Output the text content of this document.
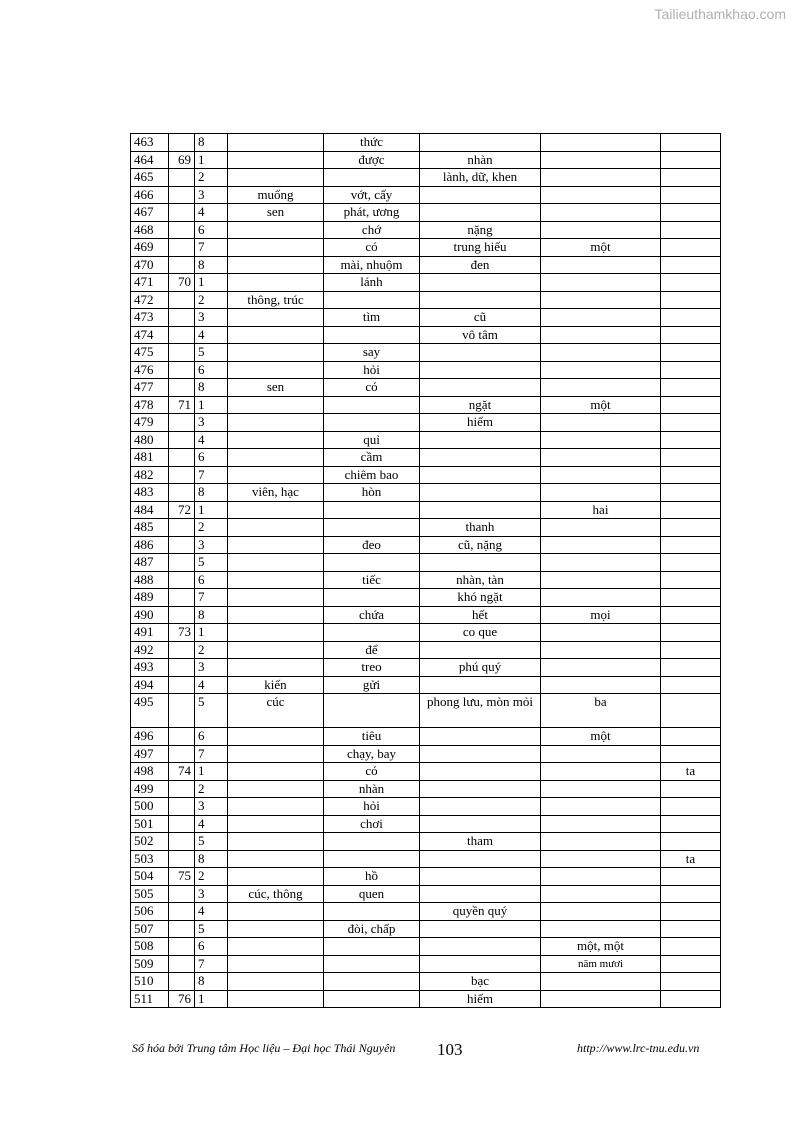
Tailieuthamkhao.com
463		8		thức			
464	69	1		được	nhàn		
465		2			lành, dữ, khen		
466		3	muống	vớt, cấy			
467		4	sen	phát, ương			
468		6		chớ	nặng		
469		7		có	trung hiếu	một	
470		8		mài, nhuộm	đen		
471	70	1		lánh			
472		2	thông, trúc				
473		3		tìm	cũ		
474		4			vô tâm		
475		5		say			
476		6		hỏi			
477		8	sen	có			
478	71	1			ngặt	một	
479		3			hiếm		
480		4		quỉ			
481		6		cầm			
482		7		chiêm bao			
483		8	viên, hạc	hòn			
484	72	1				hai	
485		2			thanh		
486		3		đeo	cũ, nặng		
487		5					
488		6		tiếc	nhàn, tàn		
489		7			khó ngặt		
490		8		chứa	hết	mọi	
491	73	1			co que		
492		2		để			
493		3		treo	phú quý		
494		4	kiến	gửi			
495		5	cúc		phong lưu, mòn mỏi	ba	
496		6		tiêu		một	
497		7		chạy, bay			
498	74	1		có			ta
499		2		nhàn			
500		3		hỏi			
501		4		chơi			
502		5			tham		
503		8					ta
504	75	2		hồ			
505		3	cúc, thông	quen			
506		4			quyền quý		
507		5		đòi, chấp			
508		6				một, một	
509		7				năm mươi	
510		8			bạc		
511	76	1			hiếm		
Số hóa bởi Trung tâm Học liệu – Đại học Thái Nguyên 103	http://www.lrc-tnu.edu.vn
